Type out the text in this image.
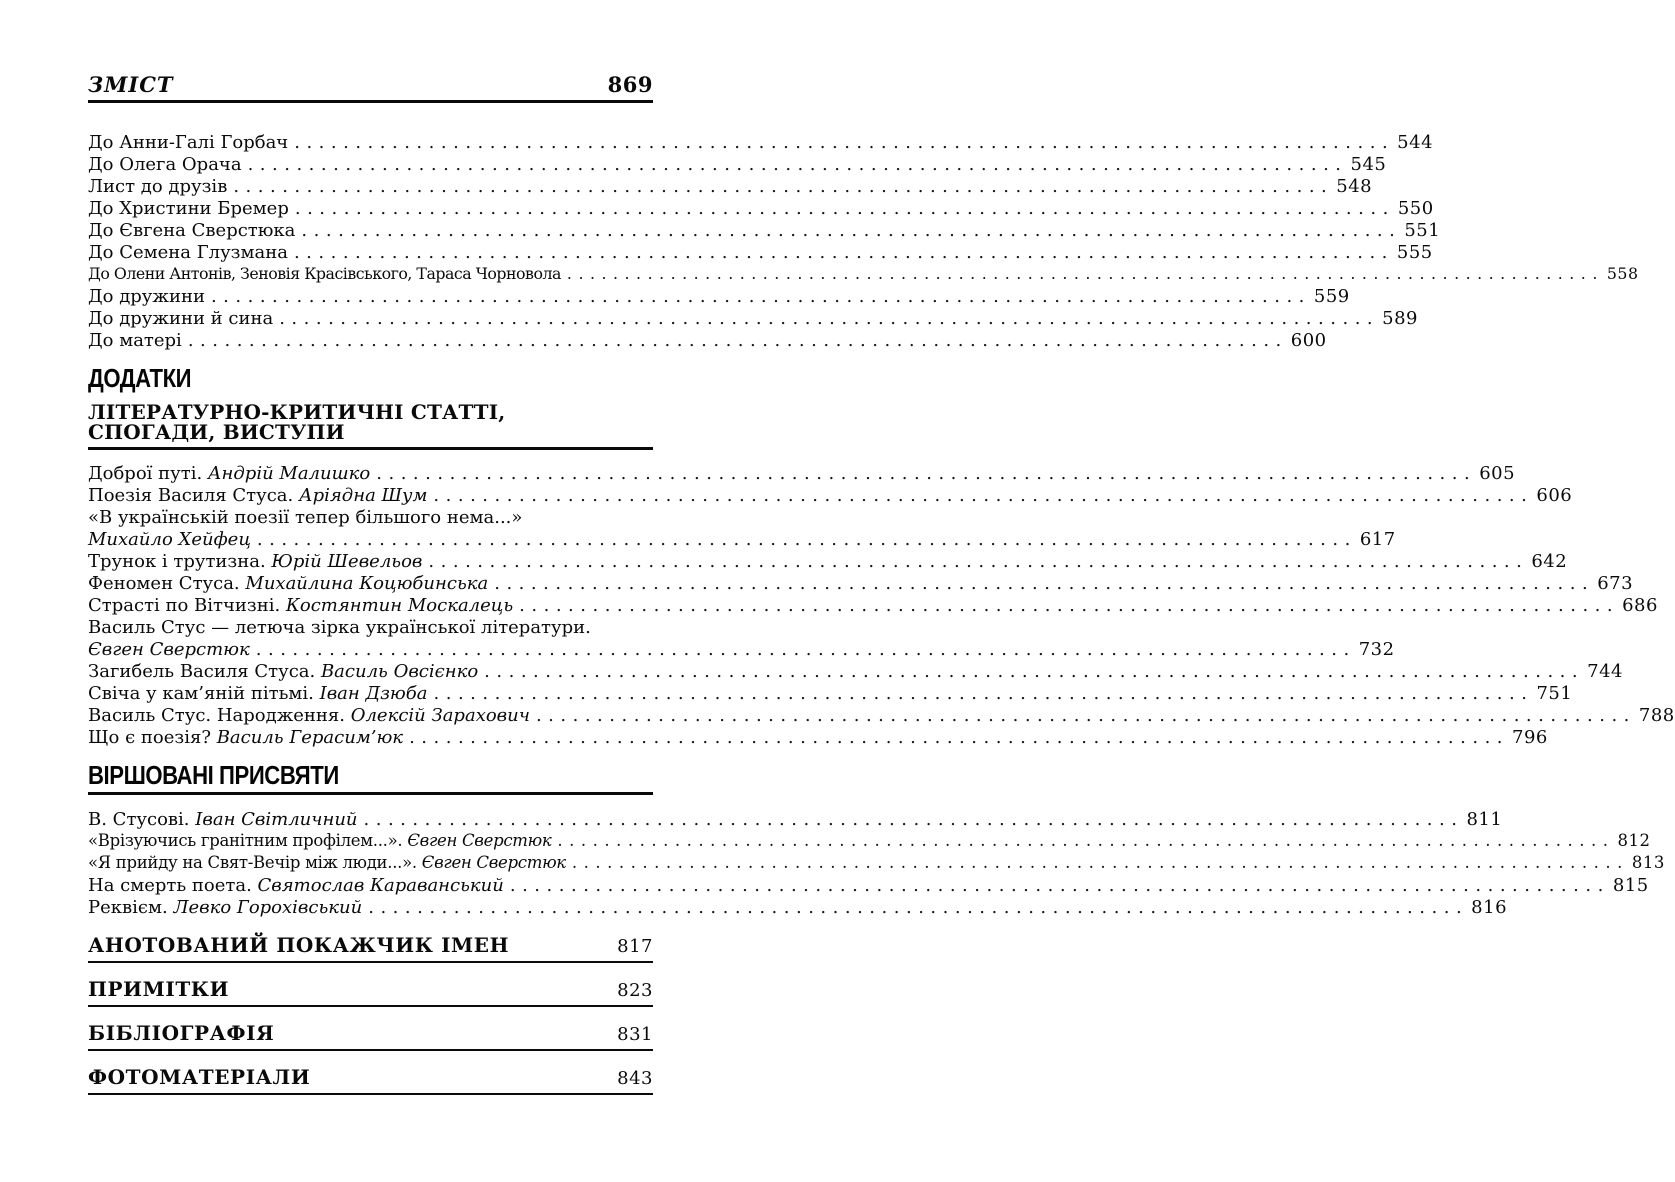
ЗМІСТ	869
До Анни-Галі Горбач .......................................................................................... 544
До Олега Орача .......................................................................................... 545
Лист до друзів .......................................................................................... 548
До Христини Бремер .......................................................................................... 550
До Євгена Сверстюка .......................................................................................... 551
До Семена Глузмана .......................................................................................... 555
До Олени Антонів, Зеновія Красівського, Тараса Чорновола .......................................................................................... 558
До дружини .......................................................................................... 559
До дружини й сина .......................................................................................... 589
До матері .......................................................................................... 600
ДОДАТКИ
ЛІТЕРАТУРНО-КРИТИЧНІ СТАТТІ,
СПОГАДИ, ВИСТУПИ
Доброї путі. Андрій Малишко .......................................................................................... 605
Поезія Василя Стуса. Аріядна Шум .......................................................................................... 606
«В українській поезії тепер більшого нема...»
Михайло Хейфец .......................................................................................... 617
Трунок і трутизна. Юрій Шевельов .......................................................................................... 642
Феномен Стуса. Михайлина Коцюбинська .......................................................................................... 673
Страсті по Вітчизні. Костянтин Москалець .......................................................................................... 686
Василь Стус — летюча зірка української літератури.
Євген Сверстюк .......................................................................................... 732
Загибель Василя Стуса. Василь Овсієнко .......................................................................................... 744
Свіча у кам’яній пітьмі. Іван Дзюба .......................................................................................... 751
Василь Стус. Народження. Олексій Зарахович .......................................................................................... 788
Що є поезія? Василь Герасим’юк .......................................................................................... 796
ВІРШОВАНІ ПРИСВЯТИ
В. Стусові. Іван Світличний .......................................................................................... 811
«Врізуючись гранітним профілем...». Євген Сверстюк .......................................................................................... 812
«Я прийду на Свят-Вечір між люди...». Євген Сверстюк .......................................................................................... 813
На смерть поета. Святослав Караванський .......................................................................................... 815
Реквієм. Левко Горохівський .......................................................................................... 816
АНОТОВАНИЙ ПОКАЖЧИК ІМЕН	817
ПРИМІТКИ	823
БІБЛІОГРАФІЯ	831
ФОТОМАТЕРІАЛИ	843
